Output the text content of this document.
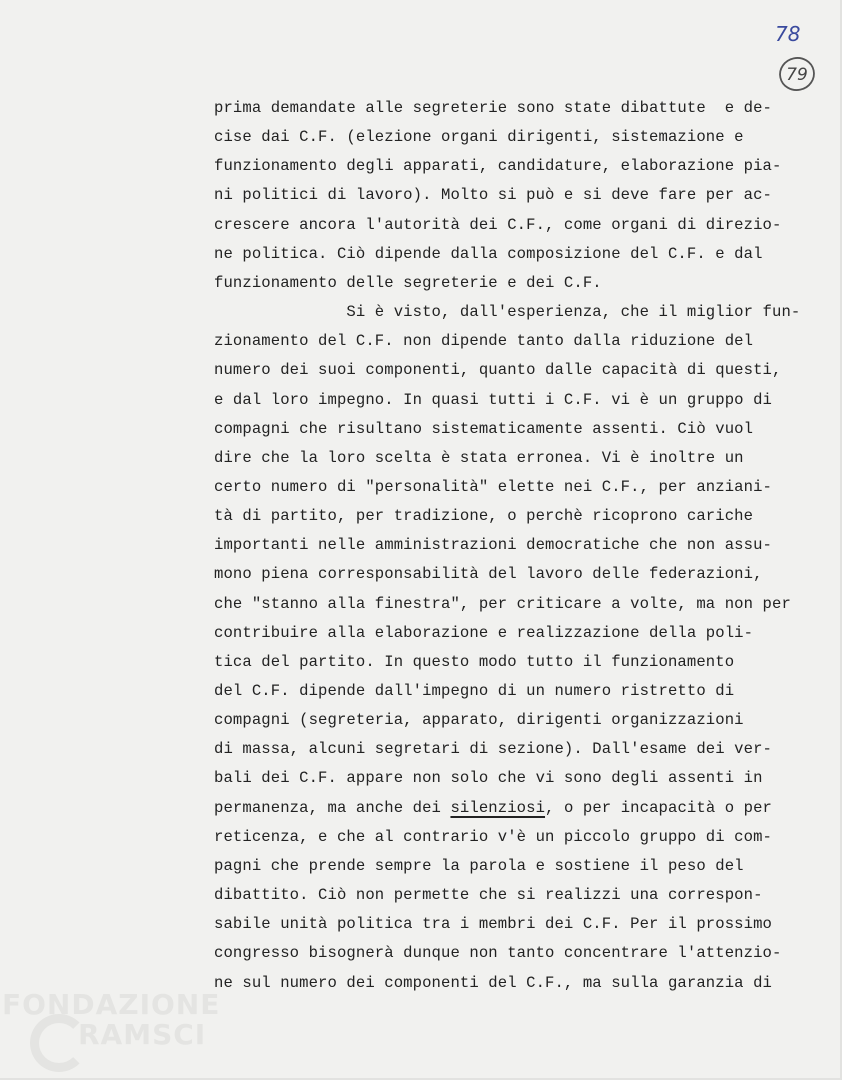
78
79
prima demandate alle segreterie sono state dibattute  e de-
cise dai C.F. (elezione organi dirigenti, sistemazione e
funzionamento degli apparati, candidature, elaborazione pia-
ni politici di lavoro). Molto si può e si deve fare per ac-
crescere ancora l'autorità dei C.F., come organi di direzio-
ne politica. Ciò dipende dalla composizione del C.F. e dal
funzionamento delle segreterie e dei C.F.
Si è visto, dall'esperienza, che il miglior fun-
zionamento del C.F. non dipende tanto dalla riduzione del
numero dei suoi componenti, quanto dalle capacità di questi,
e dal loro impegno. In quasi tutti i C.F. vi è un gruppo di
compagni che risultano sistematicamente assenti. Ciò vuol
dire che la loro scelta è stata erronea. Vi è inoltre un
certo numero di "personalità" elette nei C.F., per anziani-
tà di partito, per tradizione, o perchè ricoprono cariche
importanti nelle amministrazioni democratiche che non assu-
mono piena corresponsabilità del lavoro delle federazioni,
che "stanno alla finestra", per criticare a volte, ma non per
contribuire alla elaborazione e realizzazione della poli-
tica del partito. In questo modo tutto il funzionamento
del C.F. dipende dall'impegno di un numero ristretto di
compagni (segreteria, apparato, dirigenti organizzazioni
di massa, alcuni segretari di sezione). Dall'esame dei ver-
bali dei C.F. appare non solo che vi sono degli assenti in
permanenza, ma anche dei silenziosi, o per incapacità o per
reticenza, e che al contrario v'è un piccolo gruppo di com-
pagni che prende sempre la parola e sostiene il peso del
dibattito. Ciò non permette che si realizzi una correspon-
sabile unità politica tra i membri dei C.F. Per il prossimo
congresso bisognerà dunque non tanto concentrare l'attenzio-
ne sul numero dei componenti del C.F., ma sulla garanzia di
FONDAZIONE
RAMSCI
